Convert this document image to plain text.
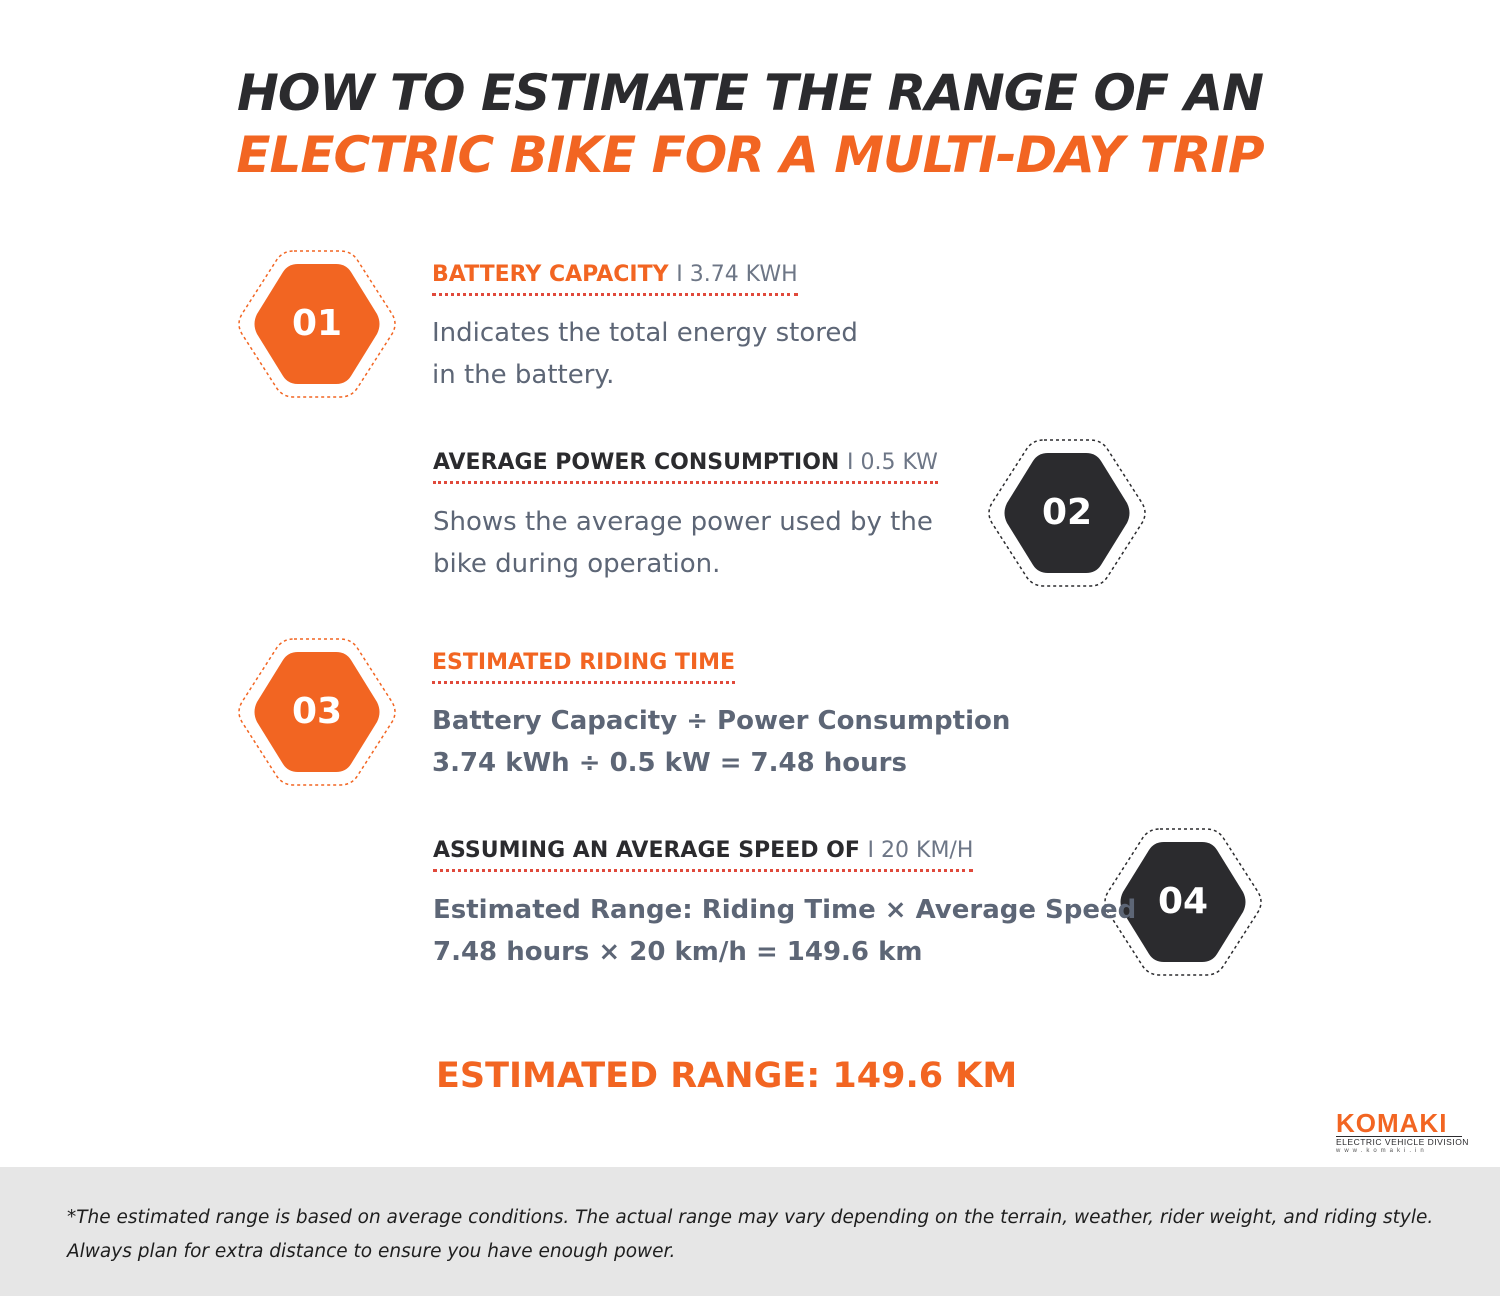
HOW TO ESTIMATE THE RANGE OF AN
ELECTRIC BIKE FOR A MULTI-DAY TRIP
01
BATTERY CAPACITY I 3.74 KWH
Indicates the total energy stored
in the battery.
02
AVERAGE POWER CONSUMPTION I 0.5 KW
Shows the average power used by the
bike during operation.
03
ESTIMATED RIDING TIME
Battery Capacity ÷ Power Consumption
3.74 kWh ÷ 0.5 kW = 7.48 hours
04
ASSUMING AN AVERAGE SPEED OF I 20 KM/H
Estimated Range: Riding Time × Average Speed
7.48 hours × 20 km/h = 149.6 km
ESTIMATED RANGE: 149.6 KM
KOMAKI
ELECTRIC VEHICLE DIVISION
www.komaki.in

*The estimated range is based on average conditions. The actual range may vary depending on the terrain, weather, rider weight, and riding style.
Always plan for extra distance to ensure you have enough power.
